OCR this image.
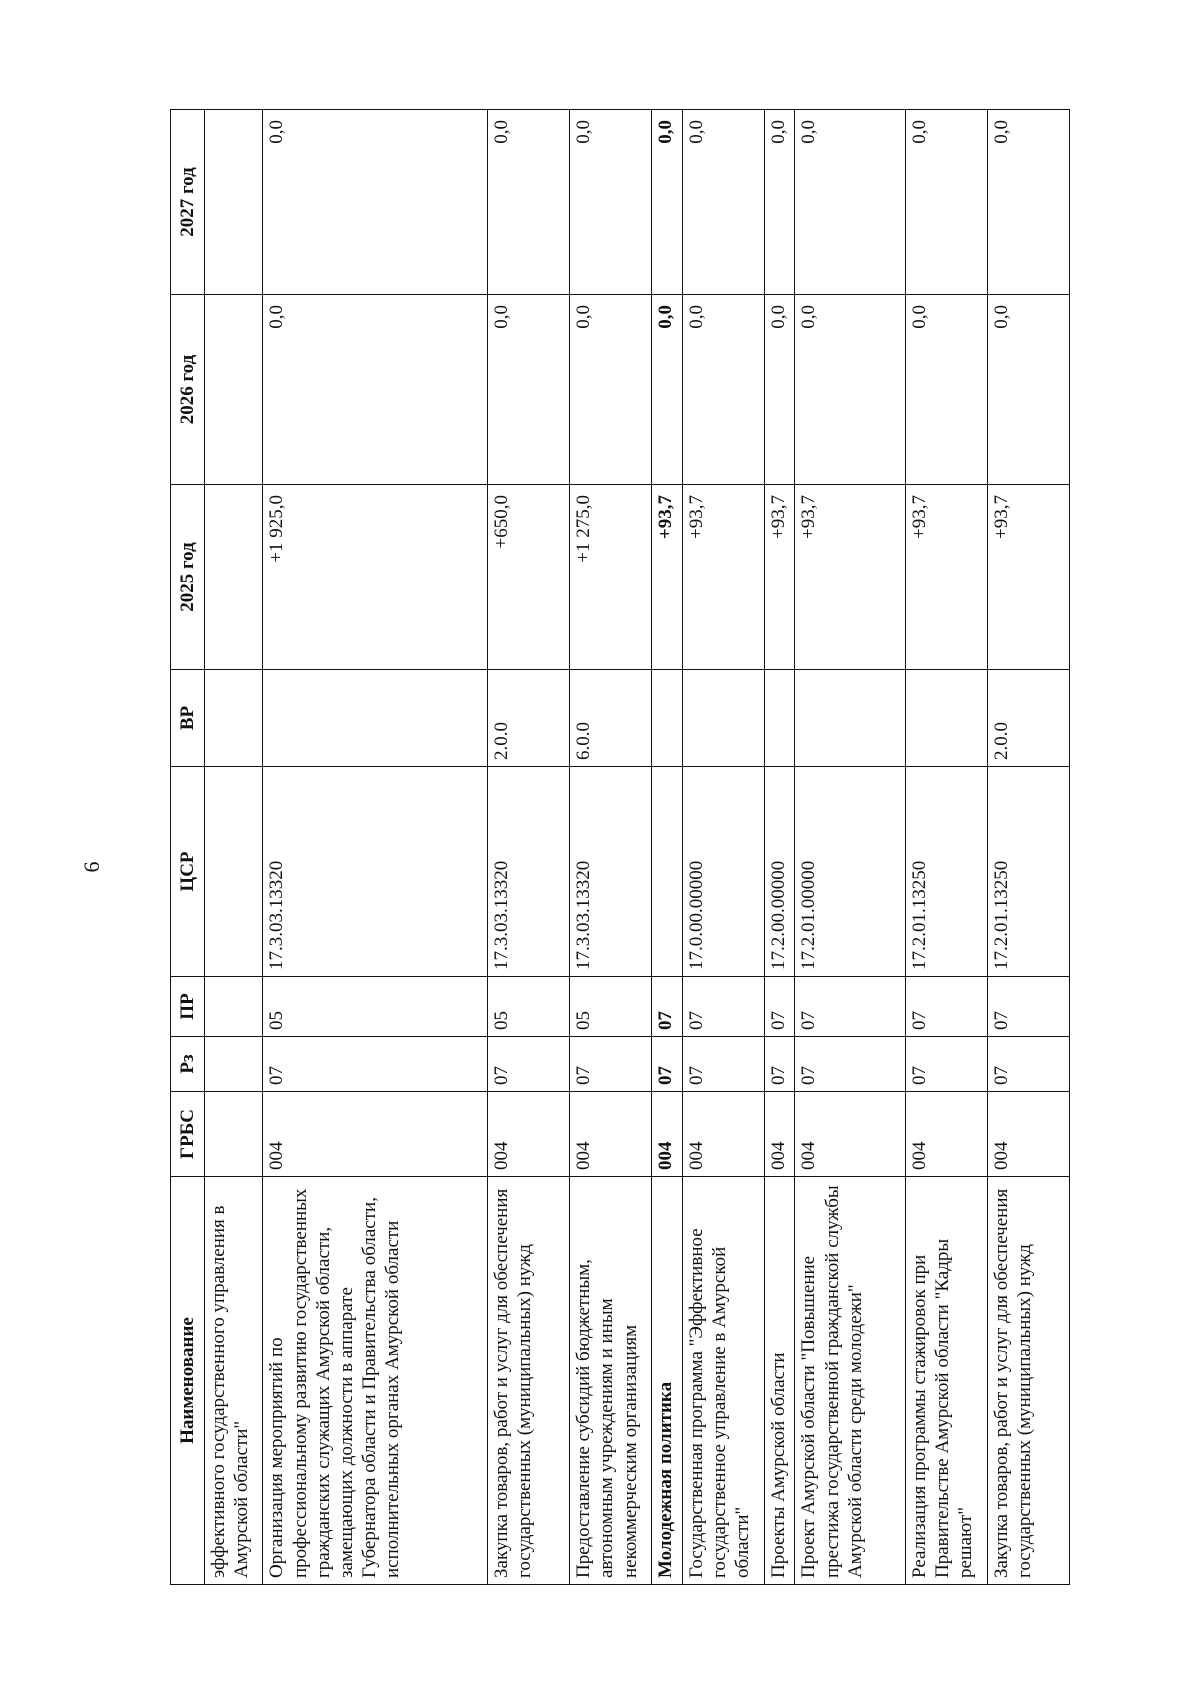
6
Наименование	ГРБС	Рз	ПР	ЦСР	ВР	2025 год	2026 год	2027 год
эффективного государственного управления в Амурской области"								
Организация мероприятий по профессиональному развитию государственных гражданских служащих Амурской области, замещающих должности в аппарате Губернатора области и Правительства области, исполнительных органах Амурской области	004	07	05	17.3.03.13320		+1 925,0	0,0	0,0
Закупка товаров, работ и услуг для обеспечения государственных (муниципальных) нужд	004	07	05	17.3.03.13320	2.0.0	+650,0	0,0	0,0
Предоставление субсидий бюджетным, автономным учреждениям и иным некоммерческим организациям	004	07	05	17.3.03.13320	6.0.0	+1 275,0	0,0	0,0
Молодежная политика	004	07	07			+93,7	0,0	0,0
Государственная программа "Эффективное государственное управление в Амурской области"	004	07	07	17.0.00.00000		+93,7	0,0	0,0
Проекты Амурской области	004	07	07	17.2.00.00000		+93,7	0,0	0,0
Проект Амурской области "Повышение престижа государственной гражданской службы Амурской области среди молодежи"	004	07	07	17.2.01.00000		+93,7	0,0	0,0
Реализация программы стажировок при Правительстве Амурской области "Кадры решают"	004	07	07	17.2.01.13250		+93,7	0,0	0,0
Закупка товаров, работ и услуг для обеспечения государственных (муниципальных) нужд	004	07	07	17.2.01.13250	2.0.0	+93,7	0,0	0,0
